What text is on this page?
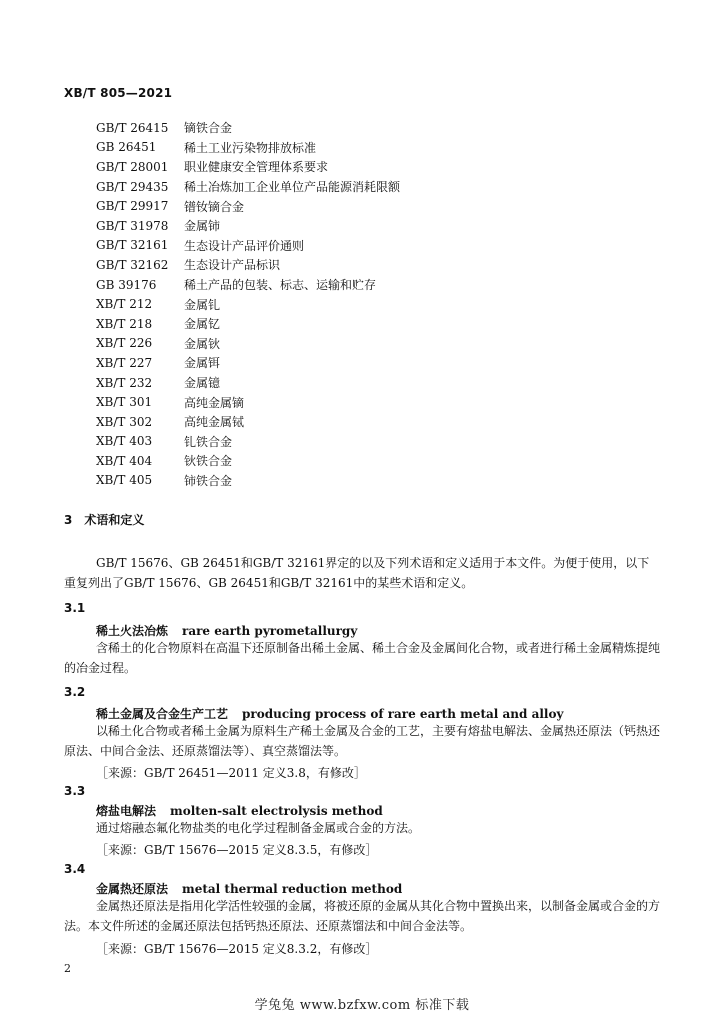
XB/T 805—2021
GB/T 26415	镝铁合金
GB 26451	稀土工业污染物排放标准
GB/T 28001	职业健康安全管理体系要求
GB/T 29435	稀土冶炼加工企业单位产品能源消耗限额
GB/T 29917	镨钕镝合金
GB/T 31978	金属铈
GB/T 32161	生态设计产品评价通则
GB/T 32162	生态设计产品标识
GB 39176	稀土产品的包装、标志、运输和贮存
XB/T 212	金属钆
XB/T 218	金属钇
XB/T 226	金属钬
XB/T 227	金属铒
XB/T 232	金属镱
XB/T 301	高纯金属镝
XB/T 302	高纯金属铽
XB/T 403	钆铁合金
XB/T 404	钬铁合金
XB/T 405	铈铁合金
3 术语和定义
GB/T 15676、GB 26451和GB/T 32161界定的以及下列术语和定义适用于本文件。为便于使用，以下重复列出了GB/T 15676、GB 26451和GB/T 32161中的某些术语和定义。
3.1
稀土火法冶炼 rare earth pyrometallurgy
含稀土的化合物原料在高温下还原制备出稀土金属、稀土合金及金属间化合物，或者进行稀土金属精炼提纯的冶金过程。
3.2
稀土金属及合金生产工艺 producing process of rare earth metal and alloy
以稀土化合物或者稀土金属为原料生产稀土金属及合金的工艺，主要有熔盐电解法、金属热还原法（钙热还原法、中间合金法、还原蒸馏法等）、真空蒸馏法等。
［来源：GB/T 26451—2011 定义3.8，有修改］
3.3
熔盐电解法 molten-salt electrolysis method
通过熔融态氟化物盐类的电化学过程制备金属或合金的方法。
［来源：GB/T 15676—2015 定义8.3.5，有修改］
3.4
金属热还原法 metal thermal reduction method
金属热还原法是指用化学活性较强的金属，将被还原的金属从其化合物中置换出来，以制备金属或合金的方法。本文件所述的金属还原法包括钙热还原法、还原蒸馏法和中间合金法等。
［来源：GB/T 15676—2015 定义8.3.2，有修改］
2
学兔兔 www.bzfxw.com 标准下载
